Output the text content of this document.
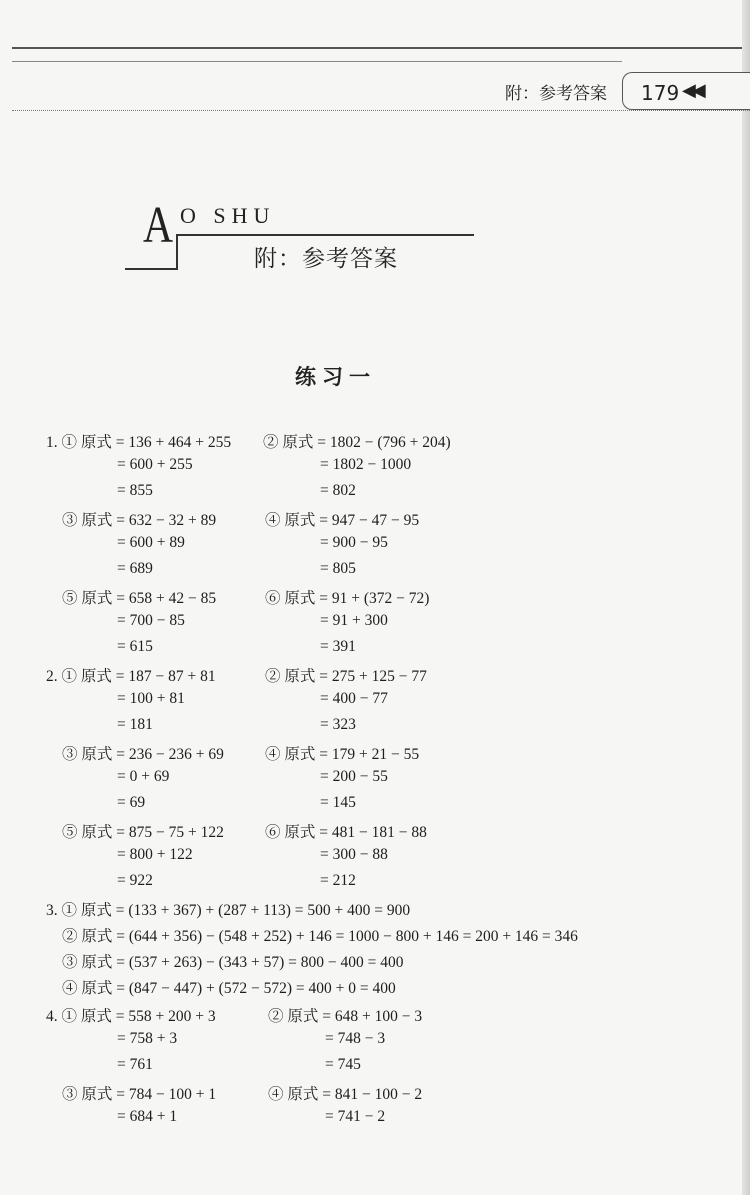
附：参考答案 179 ◀◀
A O SHU
附：参考答案
练习一
1. ① 原式 = 136 + 464 + 255
= 600 + 255
= 855
② 原式 = 1802 − (796 + 204)
= 1802 − 1000
= 802
③ 原式 = 632 − 32 + 89
= 600 + 89
= 689
④ 原式 = 947 − 47 − 95
= 900 − 95
= 805
⑤ 原式 = 658 + 42 − 85
= 700 − 85
= 615
⑥ 原式 = 91 + (372 − 72)
= 91 + 300
= 391
2. ① 原式 = 187 − 87 + 81
= 100 + 81
= 181
② 原式 = 275 + 125 − 77
= 400 − 77
= 323
③ 原式 = 236 − 236 + 69
= 0 + 69
= 69
④ 原式 = 179 + 21 − 55
= 200 − 55
= 145
⑤ 原式 = 875 − 75 + 122
= 800 + 122
= 922
⑥ 原式 = 481 − 181 − 88
= 300 − 88
= 212
3. ① 原式 = (133 + 367) + (287 + 113) = 500 + 400 = 900
② 原式 = (644 + 356) − (548 + 252) + 146 = 1000 − 800 + 146 = 200 + 146 = 346
③ 原式 = (537 + 263) − (343 + 57) = 800 − 400 = 400
④ 原式 = (847 − 447) + (572 − 572) = 400 + 0 = 400
4. ① 原式 = 558 + 200 + 3
= 758 + 3
= 761
② 原式 = 648 + 100 − 3
= 748 − 3
= 745
③ 原式 = 784 − 100 + 1
= 684 + 1
④ 原式 = 841 − 100 − 2
= 741 − 2
